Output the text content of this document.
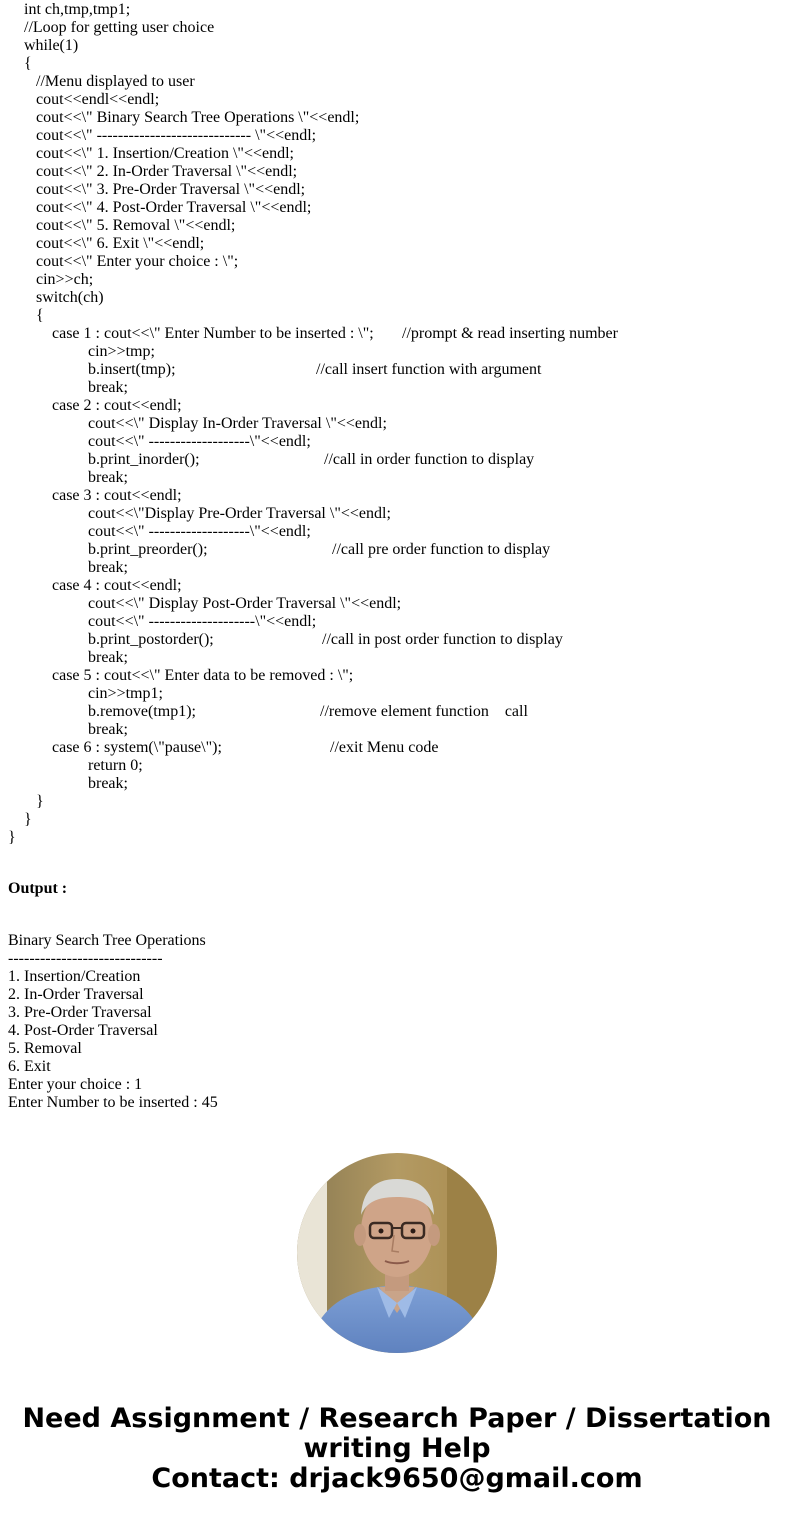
int ch,tmp,tmp1;
//Loop for getting user choice
while(1)
{
//Menu displayed to user
cout<<endl<<endl;
cout<<\" Binary Search Tree Operations \"<<endl;
cout<<\" ----------------------------- \"<<endl;
cout<<\" 1. Insertion/Creation \"<<endl;
cout<<\" 2. In-Order Traversal \"<<endl;
cout<<\" 3. Pre-Order Traversal \"<<endl;
cout<<\" 4. Post-Order Traversal \"<<endl;
cout<<\" 5. Removal \"<<endl;
cout<<\" 6. Exit \"<<endl;
cout<<\" Enter your choice : \";
cin>>ch;
switch(ch)
{
case 1 : cout<<\" Enter Number to be inserted : \"; //prompt & read inserting number
cin>>tmp;
b.insert(tmp);	//call insert function with argument
break;
case 2 : cout<<endl;
cout<<\" Display In-Order Traversal \"<<endl;
cout<<\" -------------------\"<<endl;
b.print_inorder();	//call in order function to display
break;
case 3 : cout<<endl;
cout<<\"Display Pre-Order Traversal \"<<endl;
cout<<\" -------------------\"<<endl;
b.print_preorder();	//call pre order function to display
break;
case 4 : cout<<endl;
cout<<\" Display Post-Order Traversal \"<<endl;
cout<<\" --------------------\"<<endl;
b.print_postorder();	//call in post order function to display
break;
case 5 : cout<<\" Enter data to be removed : \";
cin>>tmp1;
b.remove(tmp1);	//remove element function    call
break;
case 6 : system(\"pause\");	//exit Menu code
return 0;
break;
}
}
}
Output :
Binary Search Tree Operations
-----------------------------
1. Insertion/Creation
2. In-Order Traversal
3. Pre-Order Traversal
4. Post-Order Traversal
5. Removal
6. Exit
Enter your choice : 1
Enter Number to be inserted : 45
Need Assignment / Research Paper / Dissertation
writing Help
Contact: drjack9650@gmail.com
